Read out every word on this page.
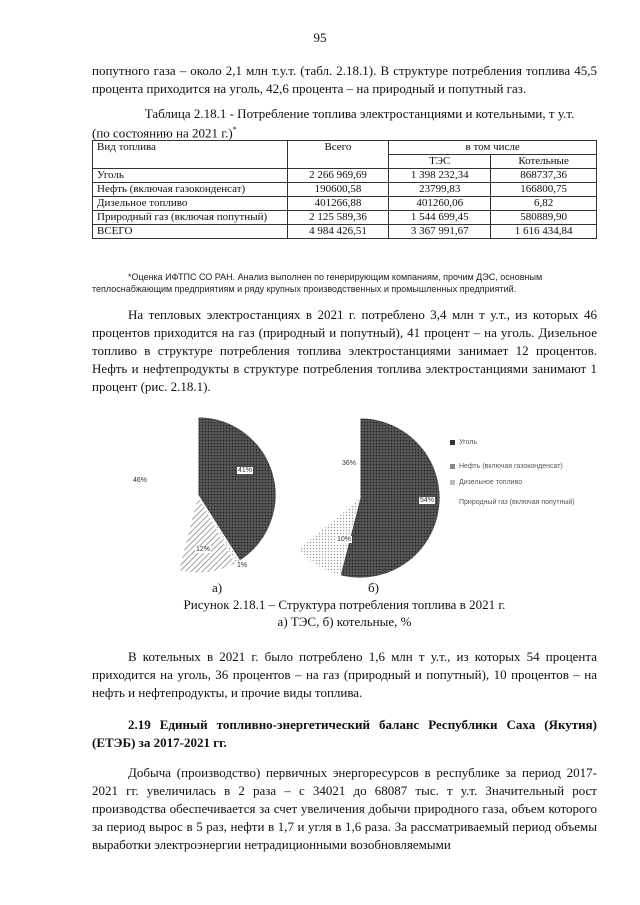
95

попутного газа – около 2,1 млн т.у.т. (табл. 2.18.1). В структуре потребления топлива 45,5 процента приходится на уголь, 42,6 процента – на природный и попутный газ.

Таблица 2.18.1 - Потребление топлива электростанциями и котельными, т у.т.
(по состоянию на 2021 г.)*
Вид топлива	Всего	в том числе	
		ТЭС	Котельные
Уголь	2 266 969,69	1 398 232,34	868737,36
Нефть (включая газоконденсат)	190600,58	23799,83	166800,75
Дизельное топливо	401266,88	401260,06	6,82
Природный газ (включая попутный)	2 125 589,36	1 544 699,45	580889,90
ВСЕГО	4 984 426,51	3 367 991,67	1 616 434,84

*Оценка ИФТПС СО РАН. Анализ выполнен по генерирующим компаниям, прочим ДЭС, основным теплоснабжающим предприятиям и ряду крупных производственных и промышленных предприятий.

На тепловых электростанциях в 2021 г. потреблено 3,4 млн т у.т., из которых 46 процентов приходится на газ (природный и попутный), 41 процент – на уголь. Дизельное топливо в структуре потребления топлива электростанциями занимает 12 процентов. Нефть и нефтепродукты в структуре потребления топлива электростанциями занимают 1 процент (рис. 2.18.1).

46%
41%
12%
1%
36%
54%
10%
Уголь
Нефть (включая газоконденсат)
Дизельное топливо
Природный газ (включая попутный)
а)	б)
Рисунок 2.18.1 – Структура потребления топлива в 2021 г.
а) ТЭС, б) котельные, %

В котельных в 2021 г. было потреблено 1,6 млн т у.т., из которых 54 процента приходится на уголь, 36 процентов – на газ (природный и попутный), 10 процентов – на нефть и нефтепродукты, и прочие виды топлива.

2.19 Единый топливно-энергетический баланс Республики Саха (Якутия) (ЕТЭБ) за 2017-2021 гг.

Добыча (производство) первичных энергоресурсов в республике за период 2017-2021 гг. увеличилась в 2 раза – с 34021 до 68087 тыс. т у.т. Значительный рост производства обеспечивается за счет увеличения добычи природного газа, объем которого за период вырос в 5 раз, нефти в 1,7 и угля в 1,6 раза. За рассматриваемый период объемы выработки электроэнергии нетрадиционными возобновляемыми
